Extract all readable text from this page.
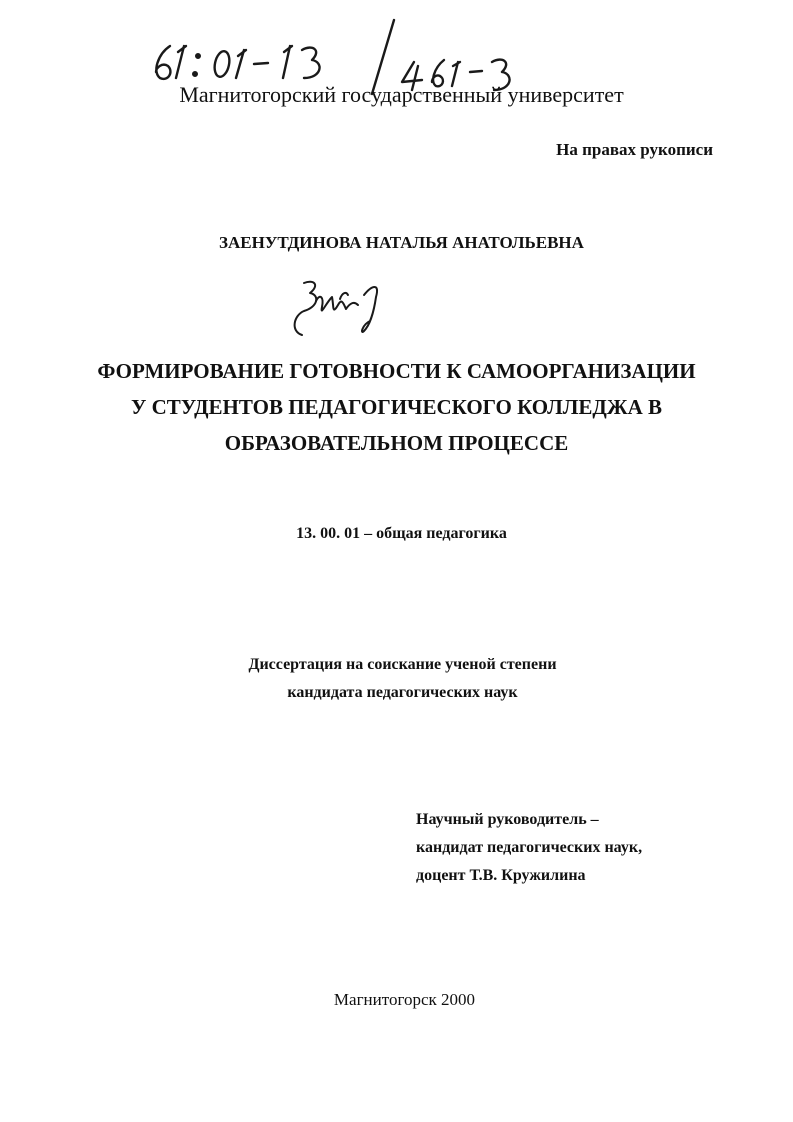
Магнитогорский государственный университет
На правах рукописи
ЗАЕНУТДИНОВА НАТАЛЬЯ АНАТОЛЬЕВНА
ФОРМИРОВАНИЕ ГОТОВНОСТИ К САМООРГАНИЗАЦИИ
У СТУДЕНТОВ ПЕДАГОГИЧЕСКОГО КОЛЛЕДЖА В
ОБРАЗОВАТЕЛЬНОМ ПРОЦЕССЕ
13. 00. 01 – общая педагогика
Диссертация на соискание ученой степени
кандидата педагогических наук
Научный руководитель –
кандидат педагогических наук,
доцент Т.В. Кружилина
Магнитогорск 2000
